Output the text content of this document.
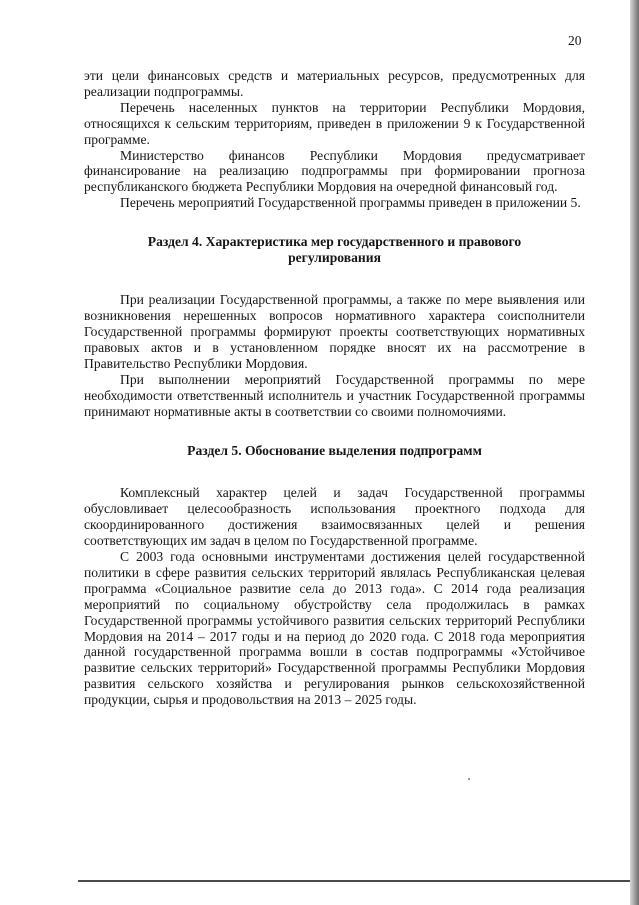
20

эти цели финансовых средств и материальных ресурсов, предусмотренных для реализации подпрограммы.

Перечень населенных пунктов на территории Республики Мордовия, относящихся к сельским территориям, приведен в приложении 9 к Государственной программе.

Министерство финансов Республики Мордовия предусматривает финансирование на реализацию подпрограммы при формировании прогноза республиканского бюджета Республики Мордовия на очередной финансовый год.

Перечень мероприятий Государственной программы приведен в приложении 5.

Раздел 4. Характеристика мер государственного и правового
регулирования

При реализации Государственной программы, а также по мере выявления или возникновения нерешенных вопросов нормативного характера соисполнители Государственной программы формируют проекты соответствующих нормативных правовых актов и в установленном порядке вносят их на рассмотрение в Правительство Республики Мордовия.

При выполнении мероприятий Государственной программы по мере необходимости ответственный исполнитель и участник Государственной программы принимают нормативные акты в соответствии со своими полномочиями.

Раздел 5. Обоснование выделения подпрограмм

Комплексный характер целей и задач Государственной программы обусловливает целесообразность использования проектного подхода для скоординированного достижения взаимосвязанных целей и решения соответствующих им задач в целом по Государственной программе.

С 2003 года основными инструментами достижения целей государственной политики в сфере развития сельских территорий являлась Республиканская целевая программа «Социальное развитие села до 2013 года». С 2014 года реализация мероприятий по социальному обустройству села продолжилась в рамках Государственной программы устойчивого развития сельских территорий Республики Мордовия на 2014 – 2017 годы и на период до 2020 года. С 2018 года мероприятия данной государственной программа вошли в состав подпрограммы «Устойчивое развитие сельских территорий» Государственной программы Республики Мордовия развития сельского хозяйства и регулирования рынков сельскохозяйственной продукции, сырья и продовольствия на 2013 – 2025 годы.
